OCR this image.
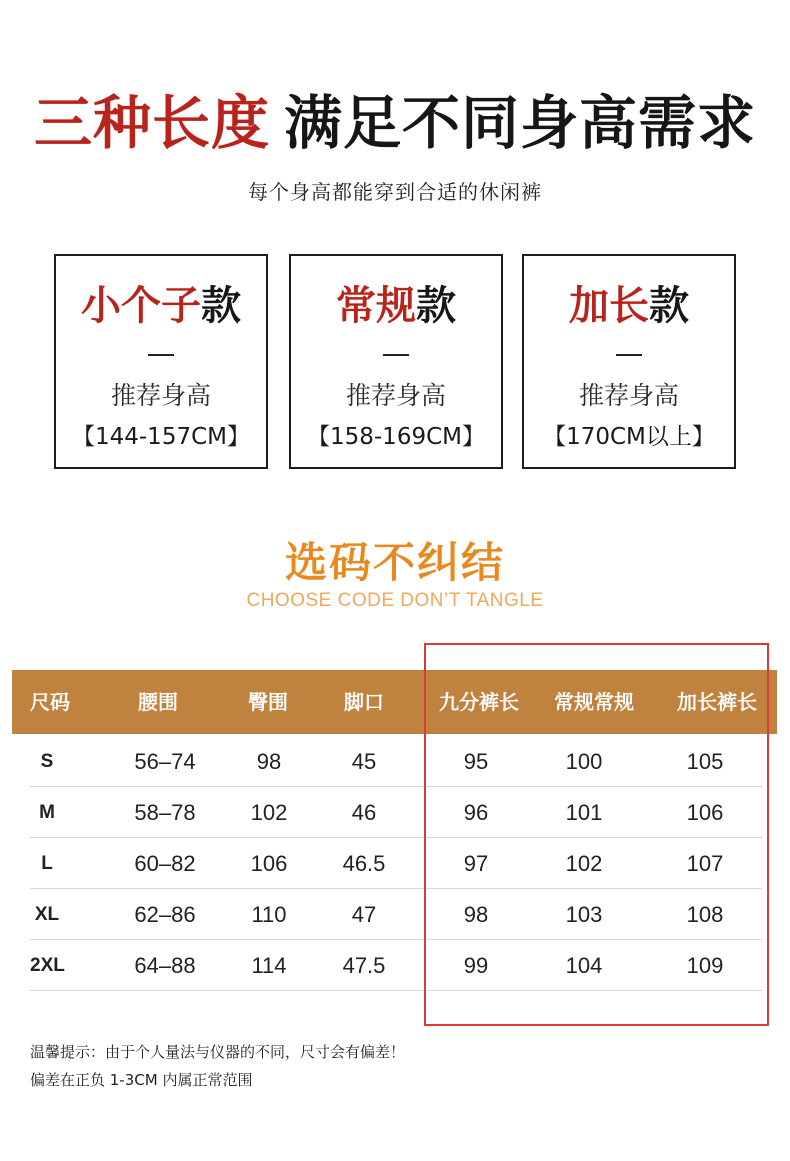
三种长度 满足不同身高需求
每个身高都能穿到合适的休闲裤
小个子款
推荐身高
【144-157CM】
常规款
推荐身高
【158-169CM】
加长款
推荐身高
【170CM以上】
选码不纠结
CHOOSE CODE DON’T TANGLE
尺码	腰围	臀围	脚口	九分裤长	常规常规	加长裤长
S	56–74	98	45	95	100	105
M	58–78	102	46	96	101	106
L	60–82	106	46.5	97	102	107
XL	62–86	110	47	98	103	108
2XL	64–88	114	47.5	99	104	109
温馨提示：由于个人量法与仪器的不同，尺寸会有偏差！
偏差在正负 1-3CM 内属正常范围
